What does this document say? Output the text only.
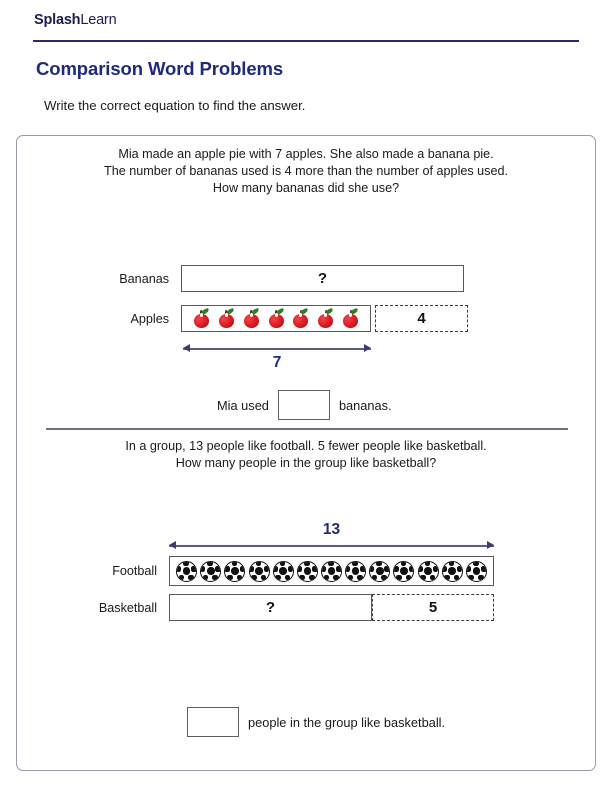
SplashLearn
Comparison Word Problems
Write the correct equation to find the answer.
Mia made an apple pie with 7 apples. She also made a banana pie.
The number of bananas used is 4 more than the number of apples used.
How many bananas did she use?
Bananas	?
Apples	4
7
Mia used	bananas.
In a group, 13 people like football. 5 fewer people like basketball.
How many people in the group like basketball?
13
Football
Basketball	?	5
people in the group like basketball.
